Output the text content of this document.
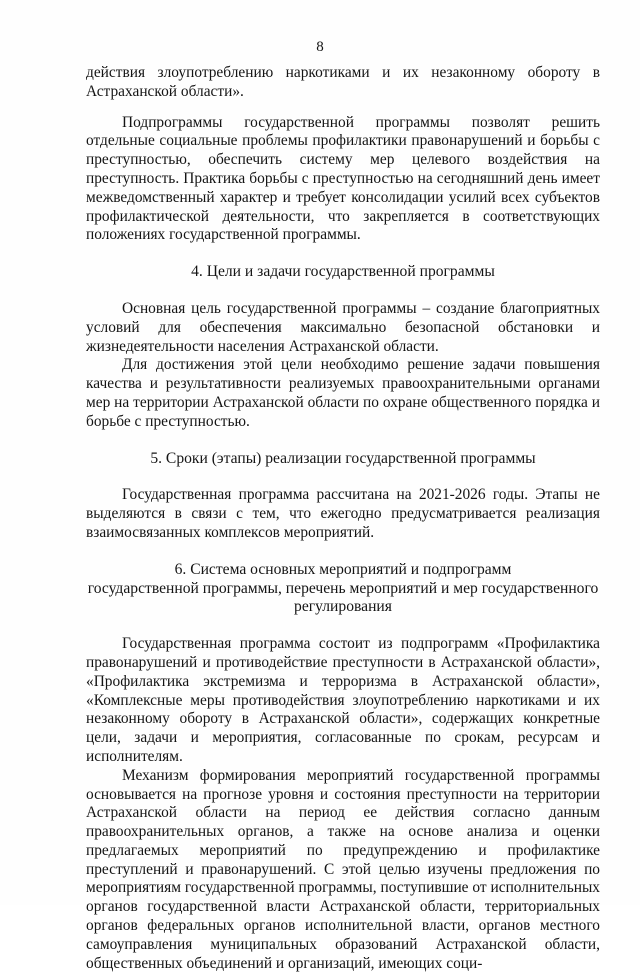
8

действия злоупотреблению наркотиками и их незаконному обороту в Астраханской области».

Подпрограммы государственной программы позволят решить отдельные социальные проблемы профилактики правонарушений и борьбы с преступностью, обеспечить систему мер целевого воздействия на преступность. Практика борьбы с преступностью на сегодняшний день имеет межведомственный характер и требует консолидации усилий всех субъектов профилактической деятельности, что закрепляется в соответствующих положениях государственной программы.

4. Цели и задачи государственной программы

Основная цель государственной программы – создание благоприятных условий для обеспечения максимально безопасной обстановки и жизнедеятельности населения Астраханской области.

Для достижения этой цели необходимо решение задачи повышения качества и результативности реализуемых правоохранительными органами мер на территории Астраханской области по охране общественного порядка и борьбе с преступностью.

5. Сроки (этапы) реализации государственной программы

Государственная программа рассчитана на 2021-2026 годы. Этапы не выделяются в связи с тем, что ежегодно предусматривается реализация взаимосвязанных комплексов мероприятий.

6. Система основных мероприятий и подпрограмм
государственной программы, перечень мероприятий и мер государственного
регулирования

Государственная программа состоит из подпрограмм «Профилактика правонарушений и противодействие преступности в Астраханской области», «Профилактика экстремизма и терроризма в Астраханской области», «Комплексные меры противодействия злоупотреблению наркотиками и их незаконному обороту в Астраханской области», содержащих конкретные цели, задачи и мероприятия, согласованные по срокам, ресурсам и исполнителям.

Механизм формирования мероприятий государственной программы основывается на прогнозе уровня и состояния преступности на территории Астраханской области на период ее действия согласно данным правоохранительных органов, а также на основе анализа и оценки предлагаемых мероприятий по предупреждению и профилактике преступлений и правонарушений. С этой целью изучены предложения по мероприятиям государственной программы, поступившие от исполнительных органов государственной власти Астраханской области, территориальных органов федеральных органов исполнительной власти, органов местного самоуправления муниципальных образований Астраханской области, общественных объединений и организаций, имеющих соци-
